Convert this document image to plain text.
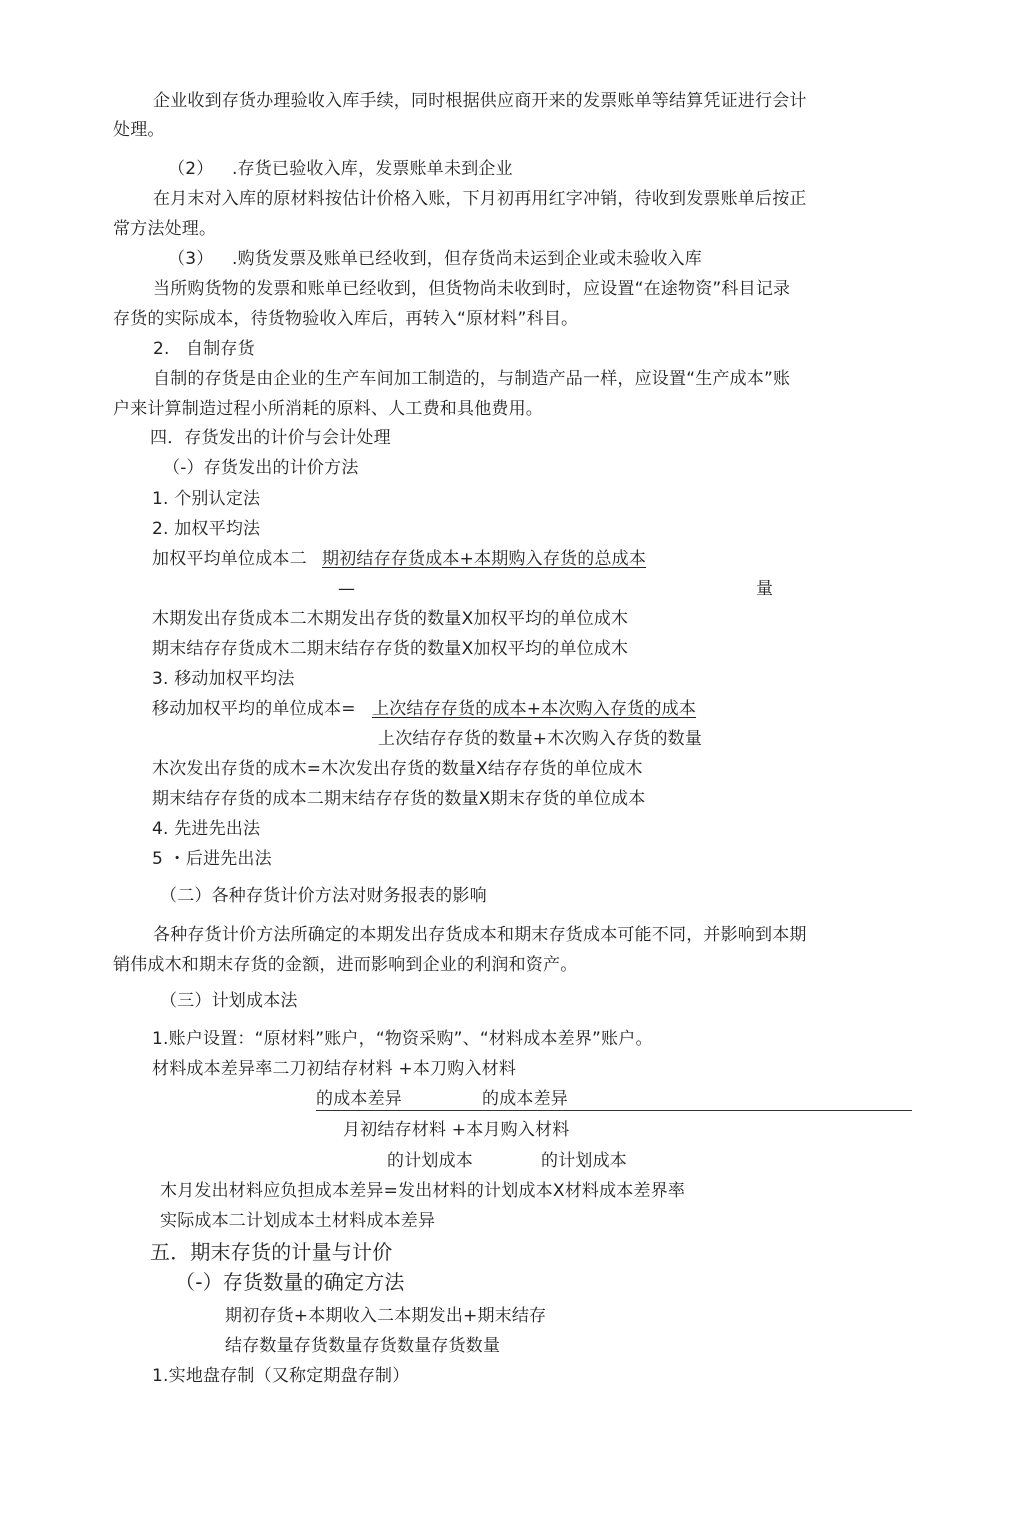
企业收到存货办理验收入库手续，同时根据供应商开来的发票账单等结算凭证进行会计
处理。
（2） .存货已验收入库，发票账单未到企业
在月末对入库的原材料按估计价格入账，下月初再用红字冲销，待收到发票账单后按正
常方法处理。
（3） .购货发票及账单已经收到，但存货尚未运到企业或未验收入库
当所购货物的发票和账单已经收到，但货物尚未收到时，应设置“在途物资”科目记录
存货的实际成本，待货物验收入库后，再转入“原材料”科目。
2. 自制存货
自制的存货是由企业的生产车间加工制造的，与制造产品一样，应设置“生产成本”账
户来计算制造过程小所消耗的原料、人工费和具他费用。
四．存货发出的计价与会计处理
（-）存货发出的计价方法
1. 个别认定法
2. 加权平均法
加权平均单位成本二 期初结存存货成本+本期购入存货的总成本
—	量
木期发出存货成本二木期发出存货的数量X加权平均的单位成木
期末结存存货成木二期末结存存货的数量X加权平均的单位成木
3. 移动加权平均法
移动加权平均的单位成本= 上次结存存货的成本+本次购入存货的成本
上次结存存货的数量+木次购入存货的数量
木次发出存货的成木=木次发出存货的数量X结存存货的单位成木
期末结存存货的成本二期末结存存货的数量X期末存货的单位成本
4. 先进先出法
5 ・后进先出法
（二）各种存货计价方法对财务报表的影响
各种存货计价方法所确定的本期发出存货成本和期末存货成本可能不同，并影响到本期
销伟成木和期末存货的金额，进而影响到企业的利润和资产。
（三）计划成本法
1.账户设置：“原材料”账户，“物资采购”、“材料成本差界”账户。
材料成本差异率二刀初结存材料 +本刀购入材料
的成本差异	的成本差异
月初结存材料 +本月购入材料
的计划成本	的计划成本
木月发出材料应负担成本差异=发出材料的计划成本X材料成本差界率
实际成本二计划成本土材料成本差异
五．期末存货的计量与计价
（-）存货数量的确定方法
期初存货+本期收入二本期发出+期末结存
结存数量存货数量存货数量存货数量
1.实地盘存制（又称定期盘存制）
